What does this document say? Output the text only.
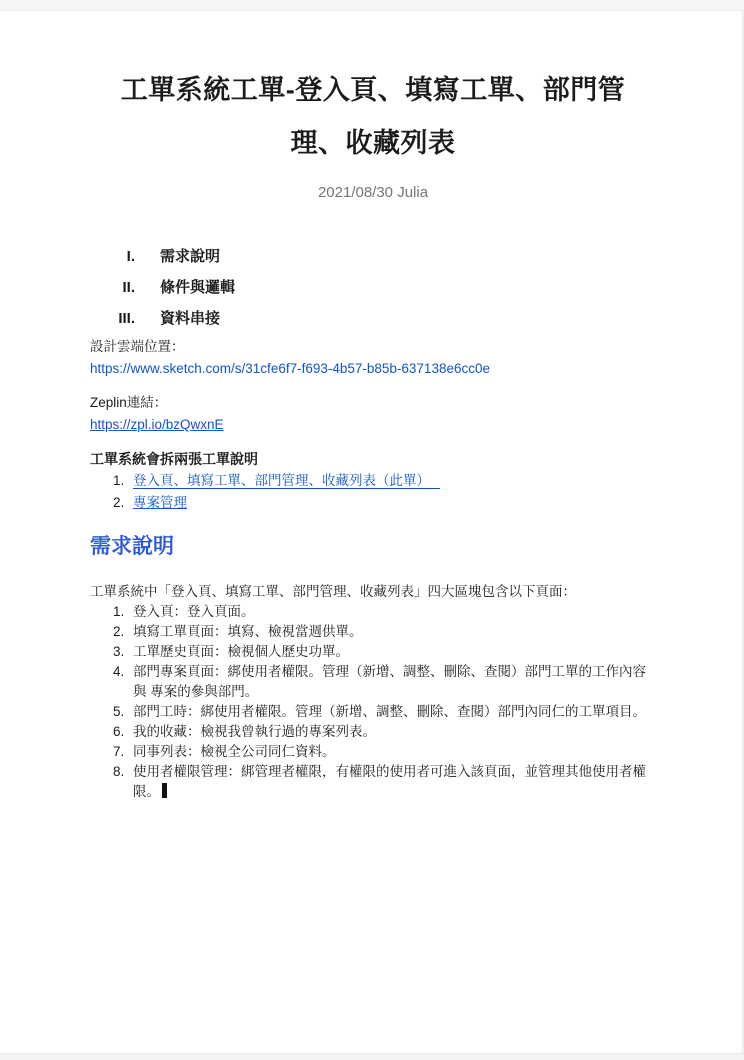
工單系統工單-登入頁、填寫工單、部門管
理、收藏列表
2021/08/30 Julia
I. 需求說明
II. 條件與邏輯
III. 資料串接
設計雲端位置：
https://www.sketch.com/s/31cfe6f7-f693-4b57-b85b-637138e6cc0e
Zeplin連結：
https://zpl.io/bzQwxnE
工單系統會拆兩張工單說明
1. 登入頁、填寫工單、部門管理、收藏列表（此單）
2. 專案管理
需求說明
工單系統中「登入頁、填寫工單、部門管理、收藏列表」四大區塊包含以下頁面：
1. 登入頁：登入頁面。
2. 填寫工單頁面：填寫、檢視當週供單。
3. 工單歷史頁面：檢視個人歷史功單。
4. 部門專案頁面：綁使用者權限。管理（新增、調整、刪除、查閱）部門工單的工作內容 與 專案的參與部門。
5. 部門工時：綁使用者權限。管理（新增、調整、刪除、查閱）部門內同仁的工單項目。
6. 我的收藏：檢視我曾執行過的專案列表。
7. 同事列表：檢視全公司同仁資料。
8. 使用者權限管理：綁管理者權限，有權限的使用者可進入該頁面，並管理其他使用者權限。
